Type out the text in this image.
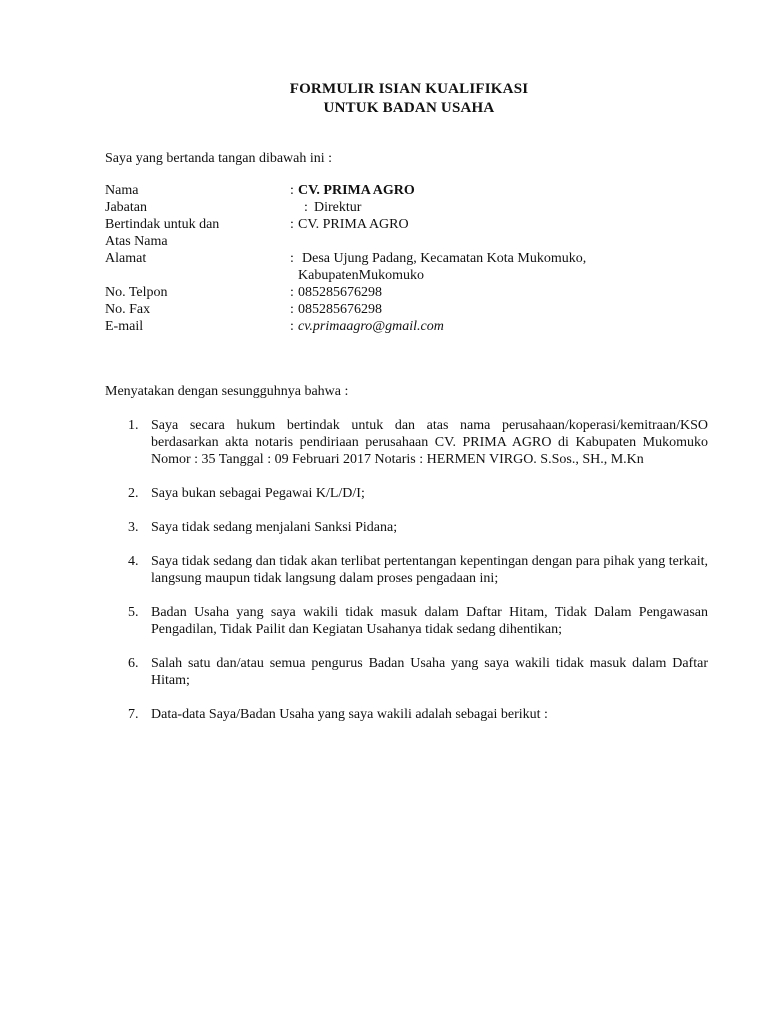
FORMULIR ISIAN KUALIFIKASI
UNTUK BADAN USAHA
Saya yang bertanda tangan dibawah ini :
Nama	: CV. PRIMA AGRO
Jabatan	: Direktur
Bertindak untuk dan	: CV. PRIMA AGRO
Atas Nama
Alamat	: Desa Ujung Padang, Kecamatan Kota Mukomuko,
KabupatenMukomuko
No. Telpon	: 085285676298
No. Fax	: 085285676298
E-mail	: cv.primaagro@gmail.com
Menyatakan dengan sesungguhnya bahwa :
1. Saya secara hukum bertindak untuk dan atas nama perusahaan/koperasi/kemitraan/KSO berdasarkan akta notaris pendiriaan perusahaan CV. PRIMA AGRO di Kabupaten Mukomuko Nomor : 35 Tanggal : 09 Februari 2017 Notaris : HERMEN VIRGO. S.Sos., SH., M.Kn
2. Saya bukan sebagai Pegawai K/L/D/I;
3. Saya tidak sedang menjalani Sanksi Pidana;
4. Saya tidak sedang dan tidak akan terlibat pertentangan kepentingan dengan para pihak yang terkait, langsung maupun tidak langsung dalam proses pengadaan ini;
5. Badan Usaha yang saya wakili tidak masuk dalam Daftar Hitam, Tidak Dalam Pengawasan Pengadilan, Tidak Pailit dan Kegiatan Usahanya tidak sedang dihentikan;
6. Salah satu dan/atau semua pengurus Badan Usaha yang saya wakili tidak masuk dalam Daftar Hitam;
7. Data-data Saya/Badan Usaha yang saya wakili adalah sebagai berikut :
